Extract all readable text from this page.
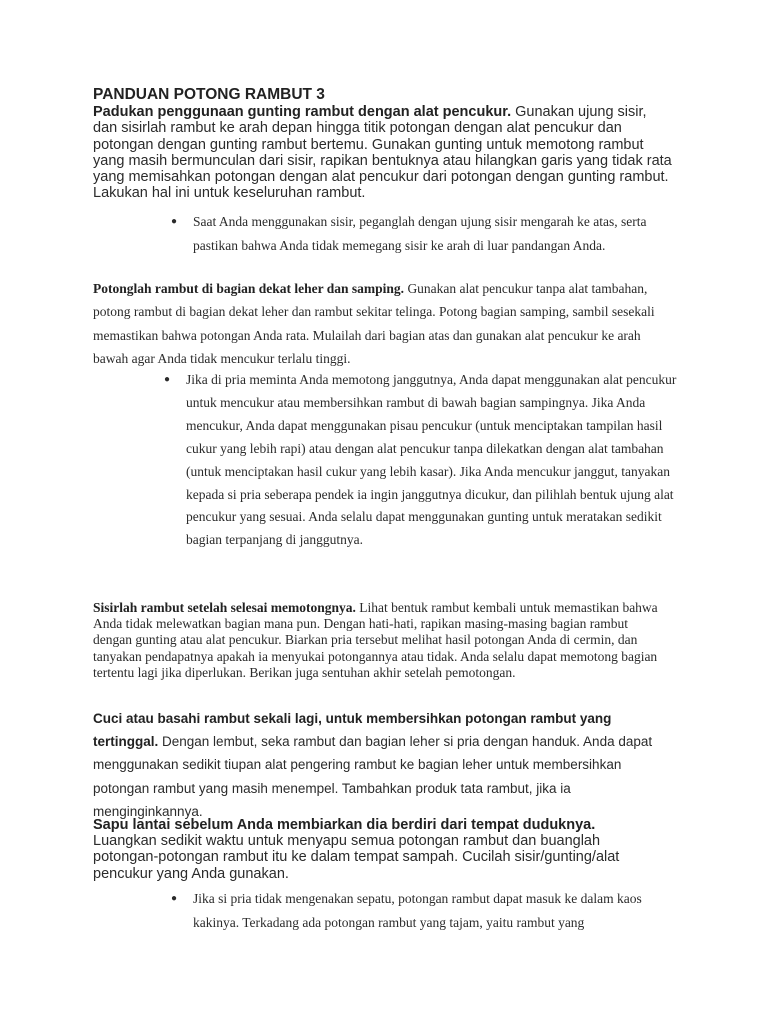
PANDUAN POTONG RAMBUT 3

Padukan penggunaan gunting rambut dengan alat pencukur. Gunakan ujung sisir, dan sisirlah rambut ke arah depan hingga titik potongan dengan alat pencukur dan potongan dengan gunting rambut bertemu. Gunakan gunting untuk memotong rambut yang masih bermunculan dari sisir, rapikan bentuknya atau hilangkan garis yang tidak rata yang memisahkan potongan dengan alat pencukur dari potongan dengan gunting rambut. Lakukan hal ini untuk keseluruhan rambut.

● Saat Anda menggunakan sisir, peganglah dengan ujung sisir mengarah ke atas, serta pastikan bahwa Anda tidak memegang sisir ke arah di luar pandangan Anda.

Potonglah rambut di bagian dekat leher dan samping. Gunakan alat pencukur tanpa alat tambahan, potong rambut di bagian dekat leher dan rambut sekitar telinga. Potong bagian samping, sambil sesekali memastikan bahwa potongan Anda rata. Mulailah dari bagian atas dan gunakan alat pencukur ke arah bawah agar Anda tidak mencukur terlalu tinggi.

● Jika di pria meminta Anda memotong janggutnya, Anda dapat menggunakan alat pencukur untuk mencukur atau membersihkan rambut di bawah bagian sampingnya. Jika Anda mencukur, Anda dapat menggunakan pisau pencukur (untuk menciptakan tampilan hasil cukur yang lebih rapi) atau dengan alat pencukur tanpa dilekatkan dengan alat tambahan (untuk menciptakan hasil cukur yang lebih kasar). Jika Anda mencukur janggut, tanyakan kepada si pria seberapa pendek ia ingin janggutnya dicukur, dan pilihlah bentuk ujung alat pencukur yang sesuai. Anda selalu dapat menggunakan gunting untuk meratakan sedikit bagian terpanjang di janggutnya.

Sisirlah rambut setelah selesai memotongnya. Lihat bentuk rambut kembali untuk memastikan bahwa Anda tidak melewatkan bagian mana pun. Dengan hati-hati, rapikan masing-masing bagian rambut dengan gunting atau alat pencukur. Biarkan pria tersebut melihat hasil potongan Anda di cermin, dan tanyakan pendapatnya apakah ia menyukai potongannya atau tidak. Anda selalu dapat memotong bagian tertentu lagi jika diperlukan. Berikan juga sentuhan akhir setelah pemotongan.

Cuci atau basahi rambut sekali lagi, untuk membersihkan potongan rambut yang tertinggal. Dengan lembut, seka rambut dan bagian leher si pria dengan handuk. Anda dapat menggunakan sedikit tiupan alat pengering rambut ke bagian leher untuk membersihkan potongan rambut yang masih menempel. Tambahkan produk tata rambut, jika ia menginginkannya.

Sapu lantai sebelum Anda membiarkan dia berdiri dari tempat duduknya. Luangkan sedikit waktu untuk menyapu semua potongan rambut dan buanglah potongan-potongan rambut itu ke dalam tempat sampah. Cucilah sisir/gunting/alat pencukur yang Anda gunakan.

● Jika si pria tidak mengenakan sepatu, potongan rambut dapat masuk ke dalam kaos kakinya. Terkadang ada potongan rambut yang tajam, yaitu rambut yang
